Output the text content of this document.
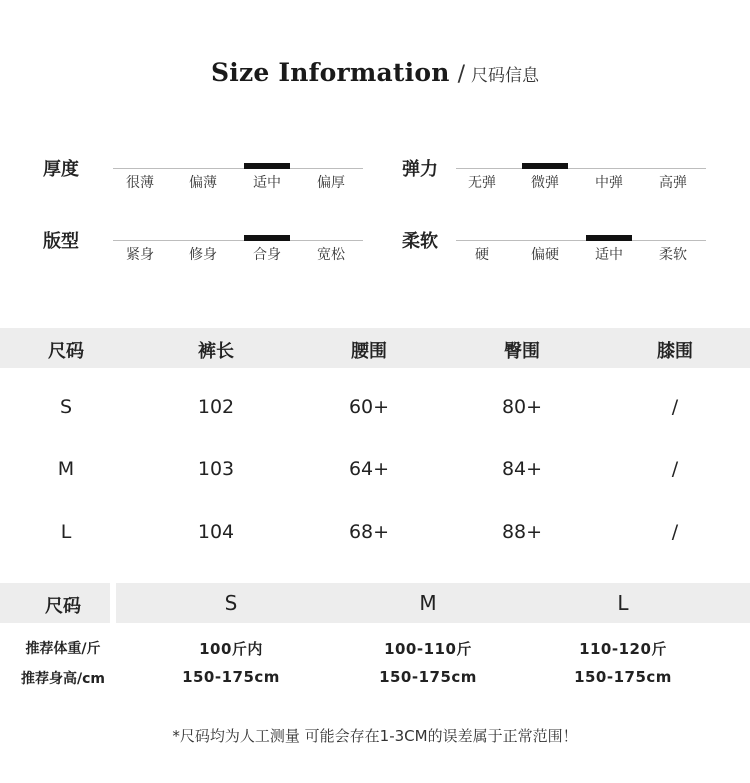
Size Information / 尺码信息
厚度
很薄	偏薄	适中	偏厚
弹力
无弹	微弹	中弹	高弹
版型
紧身	修身	合身	宽松
柔软
硬	偏硬	适中	柔软
尺码	裤长	腰围	臀围	膝围
S	102	60+	80+	/
M	103	64+	84+	/
L	104	68+	88+	/
尺码	S	M	L
推荐体重/斤	100斤内	100-110斤	110-120斤
推荐身高/cm	150-175cm	150-175cm	150-175cm
*尺码均为人工测量 可能会存在1-3CM的误差属于正常范围！
